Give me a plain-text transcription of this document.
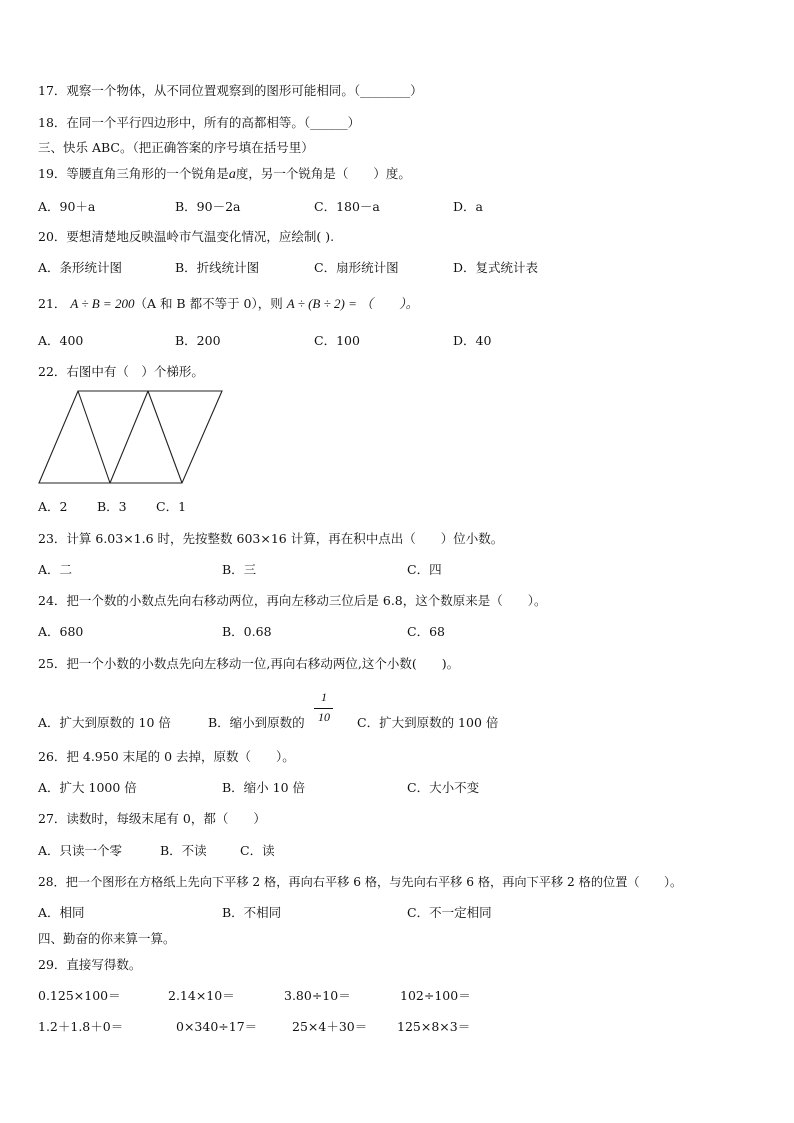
17．观察一个物体，从不同位置观察到的图形可能相同。（________）
18．在同一个平行四边形中，所有的高都相等。（______）
三、快乐 ABC。（把正确答案的序号填在括号里）
19．等腰直角三角形的一个锐角是a度，另一个锐角是（　　）度。
A．90＋a	B．90－2a	C．180－a	D．a
20．要想清楚地反映温岭市气温变化情况，应绘制( ).
A．条形统计图	B．折线统计图	C．扇形统计图	D．复式统计表
21． A ÷ B = 200（A 和 B 都不等于 0），则 A ÷ (B ÷ 2) = （　　）。
A．400	B．200	C．100	D．40
22．右图中有（　）个梯形。
A．2 B．3 C．1
23．计算 6.03×1.6 时，先按整数 603×16 计算，再在积中点出（　　）位小数。
A．二	B．三	C．四
24．把一个数的小数点先向右移动两位，再向左移动三位后是 6.8，这个数原来是（　　）。
A．680	B．0.68	C．68
25．把一个小数的小数点先向左移动一位,再向右移动两位,这个小数(　　)。
A．扩大到原数的 10 倍	B．缩小到原数的
1
10	C．扩大到原数的 100 倍
26．把 4.950 末尾的 0 去掉，原数（　　）。
A．扩大 1000 倍	B．缩小 10 倍	C．大小不变
27．读数时，每级末尾有 0，都（　　）
A．只读一个零	B．不读	C．读
28．把一个图形在方格纸上先向下平移 2 格，再向右平移 6 格，与先向右平移 6 格，再向下平移 2 格的位置（　　）。
A．相同	B．不相同	C．不一定相同
四、勤奋的你来算一算。
29．直接写得数。
0.125×100＝	2.14×10＝	3.80÷10＝	102÷100＝
1.2＋1.8＋0＝	0×340÷17＝	25×4＋30＝ 125×8×3＝
